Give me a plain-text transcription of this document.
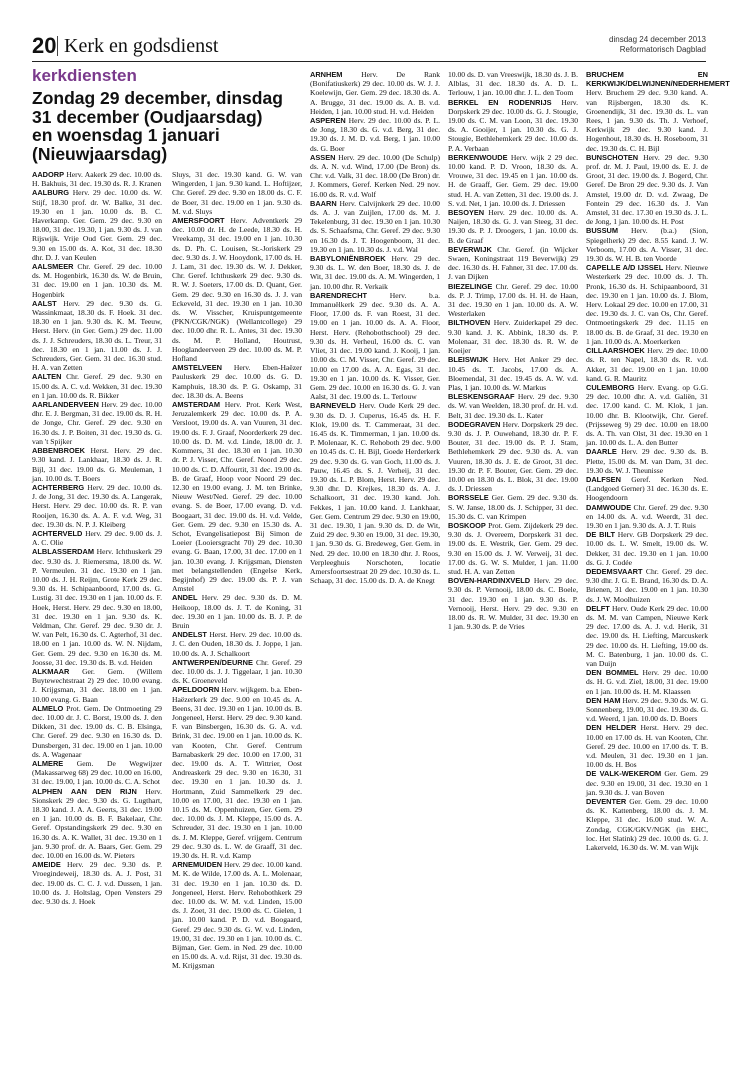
20 Kerk en godsdienst	dinsdag 24 december 2013
Reformatorisch Dagblad
kerkdiensten
Zondag 29 december, dinsdag 31 december (Oudjaarsdag) en woensdag 1 januari (Nieuwjaarsdag)

AADORP Herv. Aakerk 29 dec. 10.00 ds. H. Bakhuis, 31 dec. 19.30 ds. R. J. Kranen

AALBURG Herv. 29 dec. 10.00 ds. W. Stijf, 18.30 prof. dr. W. Balke, 31 dec. 19.30 en 1 jan. 10.00 ds. B. C. Haverkamp. Ger. Gem. 29 dec. 9.30 en 18.00, 31 dec. 19.30, 1 jan. 9.30 ds. J. van Rijswijk. Vrije Oud Ger. Gem. 29 dec. 9.30 en 15.00 ds. A. Kot, 31 dec. 18.30 dhr. D. J. van Keulen

AALSMEER Chr. Geref. 29 dec. 10.00 ds. M. Hogenbirk, 16.30 ds. W. de Bruin, 31 dec. 19.00 en 1 jan. 10.30 ds. M. Hogenbirk

AALST Herv. 29 dec. 9.30 ds. G. Wassinkmaat, 18.30 ds. F. Hoek. 31 dec. 18.30 en 1 jan. 9.30 ds. K. M. Teeuw, Herst. Herv. (in Ger. Gem.) 29 dec. 11.00 ds. J. J. Schreuders, 18.30 ds. L. Treur, 31 dec. 18.30 en 1 jan. 11.00 ds. J. J. Schreuders, Ger. Gem. 31 dec. 16.30 stud. H. A. van Zetten

AALTEN Chr. Geref. 29 dec. 9.30 en 15.00 ds. A. C. v.d. Wekken, 31 dec. 19.30 en 1 jan. 10.00 ds. R. Bikker

AARLANDERVEEN Herv. 29 dec. 10.00 dhr. E. J. Bergman, 31 dec. 19.00 ds. R. H. de Jonge, Chr. Geref. 29 dec. 9.30 en 16.30 ds. J. P. Boiten, 31 dec. 19.30 ds. G. van 't Spijker

ABBENBROEK Herst. Herv. 29 dec. 9.30 kand. J. Lankhaar, 18.30 ds. J. R. Bijl, 31 dec. 19.00 ds. G. Meuleman, 1 jan. 10.00 ds. T. Boers

ACHTERBERG Herv. 29 dec. 10.00 ds. J. de Jong, 31 dec. 19.30 ds. A. Langerak, Herst. Herv. 29 dec. 10.00 ds. R. P. van Rooijen, 16.30 ds. A. A. F. v.d. Weg, 31 dec. 19.30 ds. N. P. J. Kleiberg

ACHTERVELD Herv. 29 dec. 9.00 ds. J. A. C. Olie

ALBLASSERDAM Herv. Ichthuskerk 29 dec. 9.30 ds. J. Riemersma, 18.00 ds. W. P. Vermeulen. 31 dec. 19.30 en 1 jan. 10.00 ds. J. H. Reijm, Grote Kerk 29 dec. 9.30 ds. H. Schipaanboord, 17.00 ds. G. Lustig. 31 dec. 19.30 en 1 jan. 10.00 ds. F. Hoek, Herst. Herv. 29 dec. 9.30 en 18.00, 31 dec. 19.30 en 1 jan. 9.30 ds. K. Veldman, Chr. Geref. 29 dec. 9.30 dr. J. W. van Pelt, 16.30 ds. C. Agterhof, 31 dec. 18.00 en 1 jan. 10.00 ds. W. N. Nijdam, Ger. Gem. 29 dec. 9.30 en 16.30 ds. M. Joosse, 31 dec. 19.30 ds. B. v.d. Heiden

ALKMAAR Ger. Gem. (Willem Buytewechtstraat 2) 29 dec. 10.00 evang. J. Krijgsman, 31 dec. 18.00 en 1 jan. 10.00 evang. G. Baan

ALMELO Prot. Gem. De Ontmoeting 29 dec. 10.00 dr. J. C. Borst, 19.00 ds. J. den Dikken, 31 dec. 19.00 ds. C. B. Elsinga, Chr. Geref. 29 dec. 9.30 en 16.30 ds. D. Dunsbergen, 31 dec. 19.00 en 1 jan. 10.00 ds. A. Wagenaar

ALMERE Gem. De Wegwijzer (Makassarweg 68) 29 dec. 10.00 en 16.00, 31 dec. 19.00, 1 jan. 10.00 ds. C. A. Schot

ALPHEN AAN DEN RIJN Herv. Sionskerk 29 dec. 9.30 ds. G. Lugthart, 18.30 kand. J. A. A. Geerts, 31 dec. 19.00 en 1 jan. 10.00 ds. B. F. Bakelaar, Chr. Geref. Opstandingskerk 29 dec. 9.30 en 16.30 ds. A. K. Wallet, 31 dec. 19.30 en 1 jan. 9.30 prof. dr. A. Baars, Ger. Gem. 29 dec. 10.00 en 16.00 ds. W. Pieters

AMEIDE Herv. 29 dec. 9.30 ds. P. Vroegindeweij, 18.30 ds. A. J. Post, 31 dec. 19.00 ds. C. C. J. v.d. Dussen, 1 jan. 10.00 ds. J. Holtslag, Open Vensters 29 dec. 9.30 ds. J. Hoek

Sluys, 31 dec. 19.30 kand. G. W. van Wingerden, 1 jan. 9.30 kand. L. Hoftijzer, Chr. Geref. 29 dec. 9.30 en 18.00 ds. C. F. de Boer, 31 dec. 19.00 en 1 jan. 9.30 ds. M. v.d. Sluys

AMERSFOORT Herv. Adventkerk 29 dec. 10.00 dr. H. de Leede, 18.30 ds. H. Vreekamp, 31 dec. 19.00 en 1 jan. 10.30 ds. D. Ph. C. Louisen, St.-Joriskerk 29 dec. 9.30 ds. J. W. Hooydonk, 17.00 ds. H. J. Lam, 31 dec. 19.30 ds. W. J. Dekker, Chr. Geref. Ichthuskerk 29 dec. 9.30 ds. R. W. J. Soeters, 17.00 ds. D. Quant, Ger. Gem. 29 dec. 9.30 en 16.30 ds. J. J. van Eckeveld, 31 dec. 19.30 en 1 jan. 10.30 ds. W. Visscher, Kruispuntgemeente (PKN/CGK/NGK) (Wellantcollege) 29 dec. 10.00 dhr. R. L. Antes, 31 dec. 19.30 ds. M. P. Holland, Houtrust, Hooglandeerveen 29 dec. 10.00 ds. M. P. Hofland

AMSTELVEEN Herv. Eben-Haëzer Pauluskerk 29 dec. 10.00 ds. G. D. Kamphuis, 18.30 ds. P. G. Oskamp, 31 dec. 18.30 ds. A. Beens

AMSTERDAM Herv. Prot. Kerk West, Jeruzalemkerk 29 dec. 10.00 ds. P. A. Versloot, 19.00 ds. A. van Vuuren, 31 dec. 19.00 ds. F. J. Graaf, Noorderkerk 29 dec. 10.00 ds. D. M. v.d. Linde, 18.00 dr. J. Kommers, 31 dec. 18.30 en 1 jan. 10.30 dr. P. J. Visser, Chr. Geref. Noord 29 dec. 10.00 ds. C. D. Affourtit, 31 dec. 19.00 ds. B. de Graaf, Hoop voor Noord 29 dec. 12.30 en 19.00 evang. J. M. ten Brinke, Nieuw West/Ned. Geref. 29 dec. 10.00 evang. S. de Boer, 17.00 evang. D. v.d. Boogaart, 31 dec. 19.00 ds. H. v.d. Velde, Ger. Gem. 29 dec. 9.30 en 15.30 ds. A. Schot, Evangelisatiepost Bij Simon de Loeier (Looiersgracht 70) 29 dec. 10.30 evang. G. Baan, 17.00, 31 dec. 17.00 en 1 jan. 10.30 evang. J. Krijgsman, Diensten met belangstellenden (Engelse Kerk, Begijnhof) 29 dec. 19.00 ds. P. J. van Amstel

ANDEL Herv. 29 dec. 9.30 ds. D. M. Heikoop, 18.00 ds. J. T. de Koning, 31 dec. 19.30 en 1 jan. 10.00 ds. B. J. P. de Bruin

ANDELST Herst. Herv. 29 dec. 10.00 ds. J. C. den Ouden, 18.30 ds. J. Joppe, 1 jan. 10.00 ds. A. J. Schalkoort

ANTWERPEN/DEURNE Chr. Geref. 29 dec. 10.00 ds. J. J. Tiggelaar, 1 jan. 10.30 ds. K. Groeneveld

APELDOORN Herv. wijkgem. b.a. Eben-Haëzerkerk 29 dec. 9.00 en 10.45 ds. A. Beens, 31 dec. 19.30 en 1 jan. 10.00 ds. B. Jongeneel, Herst. Herv. 29 dec. 9.30 kand. F. van Binsbergen, 16.30 ds. G. A. v.d. Brink, 31 dec. 19.00 en 1 jan. 10.00 ds. K. van Kooten, Chr. Geref. Centrum Barnabaskerk 29 dec. 10.00 en 17.00, 31 dec. 19.00 ds. A. T. Wittrier, Oost Andreaskerk 29 dec. 9.30 en 16.30, 31 dec. 19.30 en 1 jan. 10.30 ds. J. Hortmann, Zuid Sammelkerk 29 dec. 10.00 en 17.00, 31 dec. 19.30 en 1 jan. 10.15 ds. M. Oppenhuizen, Ger. Gem. 29 dec. 10.00 ds. J. M. Kleppe, 15.00 ds. A. Schreuder, 31 dec. 19.30 en 1 jan. 10.00 ds. J. M. Kleppe, Geref. vrijgem. Centrum 29 dec. 9.30 ds. L. W. de Graaff, 31 dec. 19.30 ds. H. R. v.d. Kamp

ARNEMUIDEN Herv. 29 dec. 10.00 kand. M. K. de Wilde, 17.00 ds. A. L. Molenaar, 31 dec. 19.30 en 1 jan. 10.30 ds. D. Jongeneel, Herst. Herv. Rehobothkerk 29 dec. 10.00 ds. W. M. v.d. Linden, 15.00 ds. J. Zoet, 31 dec. 19.00 ds. C. Gielen, 1 jan. 10.00 kand. P. D. v.d. Boogaard, Geref. 29 dec. 9.30 ds. G. W. v.d. Linden, 19.00, 31 dec. 19.30 en 1 jan. 10.00 ds. C. Bijman, Ger. Gem. in Ned. 29 dec. 10.00 en 15.00 ds. A. v.d. Rijst, 31 dec. 19.30 ds. M. Krijgsman

ARNHEM Herv. De Rank (Bonifatiuskerk) 29 dec. 10.00 ds. W. J. J. Koelewijn, Ger. Gem. 29 dec. 18.30 ds. A. A. Brugge, 31 dec. 19.00 ds. A. B. v.d. Heiden, 1 jan. 10.00 stud. H. v.d. Heiden

ASPEREN Herv. 29 dec. 10.00 ds. P. L. de Jong, 18.30 ds. G. v.d. Berg, 31 dec. 19.30 ds. J. M. D. v.d. Berg, 1 jan. 10.00 ds. G. Boer

ASSEN Herv. 29 dec. 10.00 (De Schulp) ds. A. N. v.d. Wind, 17.00 (De Bron) ds. Chr. v.d. Valk, 31 dec. 18.00 (De Bron) dr. J. Kommers, Geref. Kerken Ned. 29 nov. 16.00 ds. R. v.d. Wolf

BAARN Herv. Calvijnkerk 29 dec. 10.00 ds. A. J. van Zuijlen, 17.00 ds. M. J. Tekelenburg, 31 dec. 19.30 en 1 jan. 10.30 ds. S. Schaafsma, Chr. Geref. 29 dec. 9.30 en 16.30 ds. J. T. Hoogenboom, 31 dec. 19.30 en 1 jan. 10.30 ds. J. v.d. Wal

BABYLONIËNBROEK Herv. 29 dec. 9.30 ds. L. W. den Boer, 18.30 ds. J. de Wit, 31 dec. 19.00 ds. A. M. Wingerden, 1 jan. 10.00 dhr. R. Verkaik

BARENDRECHT	Herv. b.a. Immanuëlkerk 29 dec. 9.30 ds. A. A. Floor, 17.00 ds. F. van Roest, 31 dec. 19.00 en 1 jan. 10.00 ds. A. A. Floor, Herst. Herv. (Rehobothschool) 29 dec. 9.30 ds. H. Verheul, 16.00 ds. C. van Vliet, 31 dec. 19.00 kand. J. Kooij, 1 jan. 10.00 ds. C. M. Visser, Chr. Geref. 29 dec. 10.00 en 17.00 ds. A. A. Egas, 31 dec. 19.30 en 1 jan. 10.00 ds. K. Visser, Ger. Gem. 29 dec. 10.00 en 16.30 ds. G. J. van Aalst, 31 dec. 19.00 ds. L. Terlouw

BARNEVELD Herv. Oude Kerk 29 dec. 9.30 ds. D. J. Cuperus, 16.45 ds. H. F. Klok, 19.00 ds. T. Cammeraat, 31 dec. 16.45 ds. K. Timmerman, 1 jan. 10.00 ds. P. Molenaar, K. C. Rehoboth 29 dec. 9.00 en 10.45 ds. C. H. Bijl, Goede Herderkerk 29 dec. 9.30 ds. G. van Goch, 11.00 ds. J. Pauw, 16.45 ds. S. J. Verheij, 31 dec. 19.30 ds. L. P. Blom, Herst. Herv. 29 dec. 9.30 dhr. D. Krejkes, 18.30 ds. A. J. Schalkoort, 31 dec. 19.30 kand. Joh. Fekkes, 1 jan. 10.00 kand. J. Lankhaar, Ger. Gem. Centrum 29 dec. 9.30 en 19.00, 31 dec. 19.30, 1 jan. 9.30 ds. D. de Wit, Zuid 29 dec. 9.30 en 19.00, 31 dec. 19.30, 1 jan. 9.30 ds. G. Bredeweg, Ger. Gem. in Ned. 29 dec. 10.00 en 18.30 dhr. J. Roos, Verpleeghuis Norschoten, locatie Amersfoortsestraat 20 29 dec. 10.30 ds. L. Schaap, 31 dec. 15.00 ds. D. A. de Knegt

10.00 ds. D. van Vreeswijk, 18.30 ds. J. B. Alblas, 31 dec. 18.30 ds. A. D. L. Terlouw, 1 jan. 10.00 dhr. J. L. den Toom

BERKEL EN RODENRIJS Herv. Dorpskerk 29 dec. 10.00 ds. G. J. Stougie, 19.00 ds. C. M. van Loon, 31 dec. 19.30 ds. A. Gooijer, 1 jan. 10.30 ds. G. J. Stougie, Bethlehemkerk 29 dec. 10.00 ds. P. A. Verbaan

BERKENWOUDE Herv. wijk 2 29 dec. 10.00 kand. P. D. Vroon, 18.30 ds. A. Vrouwe, 31 dec. 19.45 en 1 jan. 10.00 ds. H. de Graaff, Ger. Gem. 29 dec. 19.00 stud. H. A. van Zetten, 31 dec. 19.00 ds. J. S. v.d. Net, 1 jan. 10.00 ds. J. Driessen

BESOYEN Herv. 29 dec. 10.00 ds. A. Naijen, 18.30 ds. G. J. van Steeg, 31 dec. 19.30 ds. P. J. Droogers, 1 jan. 10.00 ds. B. de Graaf

BEVERWIJK Chr. Geref. (in Wijcker Swaen, Koningstraat 119 Beverwijk) 29 dec. 16.30 ds. H. Fahner, 31 dec. 17.00 ds. J. van Dijken

BIEZELINGE Chr. Geref. 29 dec. 10.00 ds. P. J. Trimp, 17.00 ds. H. H. de Haan, 31 dec. 19.30 en 1 jan. 10.00 ds. A. W. Westerlaken

BILTHOVEN Herv. Zuiderkapel 29 dec. 9.30 kand. J. K. Abbink, 18.30 ds. P. Molenaar, 31 dec. 18.30 ds. R. W. de Koeijer

BLEISWIJK Herv. Het Anker 29 dec. 10.45 ds. T. Jacobs, 17.00 ds. A. Bloemendal, 31 dec. 19.45 ds. A. W. v.d. Plas, 1 jan. 10.00 ds. W. Markus

BLESKENSGRAAF Herv. 29 dec. 9.30 ds. W. van Weelden, 18.30 prof. dr. H. v.d. Belt, 31 dec. 19.30 ds. L. Kater

BODEGRAVEN Herv. Dorpskerk 29 dec. 9.30 ds. J. P. Ouwehand, 18.30 dr. P. F. Bouter, 31 dec. 19.00 ds. P. J. Stam, Bethlehemkerk 29 dec. 9.30 ds. A. van Vuuren, 18.30 ds. J. E. de Groot, 31 dec. 19.30 dr. P. F. Bouter, Ger. Gem. 29 dec. 10.00 en 18.30 ds. L. Blok, 31 dec. 19.00 ds. J. Driessen

BORSSELE Ger. Gem. 29 dec. 9.30 ds. S. W. Janse, 18.00 ds. J. Schipper, 31 dec. 15.30 ds. C. van Krimpen

BOSKOOP Prot. Gem. Zijdekerk 29 dec. 9.30 ds. J. Overeem, Dorpskerk 31 dec. 19.00 ds. E. Westrik, Ger. Gem. 29 dec. 9.30 en 15.00 ds. J. W. Verweij, 31 dec. 17.00 ds. G. W. S. Mulder, 1 jan. 11.00 stud. H. A. van Zetten

BOVEN-HARDINXVELD Herv. 29 dec. 9.30 ds. P. Vernooij, 18.00 ds. C. Boele, 31 dec. 19.30 en 1 jan. 9.30 ds. P. Vernooij, Herst. Herv. 29 dec. 9.30 en 18.00 ds. R. W. Mulder, 31 dec. 19.30 en 1 jan. 9.30 ds. P. de Vries

BRUCHEM EN KERKWIJK/DELWIJNEN/NEDERHEMERT Herv. Bruchem 29 dec. 9.30 kand. A. van Rijsbergen, 18.30 ds. K. Groenendijk, 31 dec. 19.30 ds. L. van Rees, 1 jan. 9.30 ds. Th. J. Verhoef, Kerkwijk 29 dec. 9.30 kand. J. Hogenhout, 18.30 ds. H. Roseboom, 31 dec. 19.30 ds. C. H. Bijl

BUNSCHOTEN Herv. 29 dec. 9.30 prof. dr. M. J. Paul, 19.00 ds. E. J. de Groot, 31 dec. 19.00 ds. J. Bogerd, Chr. Geref. De Bron 29 dec. 9.30 ds. J. Van Amstel, 19.00 dr. D. v.d. Zwaag, De Fontein 29 dec. 16.30 ds. J. Van Amstel, 31 dec. 17.30 en 19.30 ds. J. L. de Jong, 1 jan. 10.00 ds. H. Post

BUSSUM Herv. (b.a.) (Sion, Spiegelherk) 29 dec. 8.55 kand. J. W. Verboom, 17.00 ds. A. Visser, 31 dec. 19.30 ds. W. H. B. ten Voorde

CAPELLE A/D IJSSEL Herv. Nieuwe Westerkerk 29 dec. 10.00 ds. J. Th. Pronk, 16.30 ds. H. Schipaanboord, 31 dec. 19.30 en 1 jan. 10.00 ds. J. Blom, Herv. Lokaal 29 dec. 10.00 en 17.00, 31 dec. 19.30 ds. J. C. van Os, Chr. Geref. Ontmoetingskerk 29 dec. 11.15 en 18.00 ds. B. de Graaf, 31 dec. 19.30 en 1 jan. 10.00 ds. A. Moerkerken

CILLAARSHOEK Herv. 29 dec. 10.00 ds. R. ten Napel, 18.30 ds. R. v.d. Akker, 31 dec. 19.00 en 1 jan. 10.00 kand. G. R. Mauritz

CULEMBORG Herv. Evang. op G.G. 29 dec. 10.00 dhr. A. v.d. Galiën, 31 dec. 17.00 kand. C. M. Klok, 1 jan. 10.00 dhr. B. Klootwijk, Chr. Geref. (Prijsseweg 9) 29 dec. 10.00 en 18.00 ds. A. Th. van Olst, 31 dec. 19.30 en 1 jan. 10.00 ds. L. A. den Butter

DAARLE Herv. 29 dec. 9.30 ds. B. Plette, 15.00 ds. M. van Dam, 31 dec. 19.30 ds. W. J. Theunisse

DALFSEN Geref. Kerken Ned. (Landgoed Gerner) 31 dec. 16.30 ds. E. Hoogendoorn

DAMWOUDE Chr. Geref. 29 dec. 9.30 en 14.00 ds. A. v.d. Weerdt, 31 dec. 19.30 en 1 jan. 9.30 ds. A. J. T. Ruis

DE BILT Herv. GB Dorpskerk 29 dec. 10.00 ds. L. W. Smelt, 19.00 ds. W. Dekker, 31 dec. 19.30 en 1 jan. 10.00 ds. G. J. Codée

DEDEMSVAART Chr. Geref. 29 dec. 9.30 dhr. J. G. E. Brand, 16.30 ds. D. A. Brienen, 31 dec. 19.00 en 1 jan. 10.30 ds. J. W. Moolhuizen

DELFT Herv. Oude Kerk 29 dec. 10.00 ds. M. M. van Campen, Nieuwe Kerk 29 dec. 17.00 ds. A. J. v.d. Herik, 31 dec. 19.00 ds. H. Liefting, Marcuskerk 29 dec. 10.00 ds. H. Liefting, 19.00 ds. M. C. Batenburg, 1 jan. 10.00 ds. C. van Duijn

DEN BOMMEL Herv. 29 dec. 10.00 ds. H. G. v.d. Ziel, 18.00, 31 dec. 19.00 en 1 jan. 10.00 ds. H. M. Klaassen

DEN HAM Herv. 29 dec. 9.30 ds. W. G. Sonnenberg, 19.00, 31 dec. 19.30 ds. G. v.d. Weerd, 1 jan. 10.00 ds. D. Boers

DEN HELDER Herst. Herv. 29 dec. 10.00 en 17.00 ds. H. van Kooten, Chr. Geref. 29 dec. 10.00 en 17.00 ds. T. B. v.d. Meulen, 31 dec. 19.30 en 1 jan. 10.00 ds. H. Bos

DE VALK-WEKEROM Ger. Gem. 29 dec. 9.30 en 19.00, 31 dec. 19.30 en 1 jan. 9.30 ds. J. van Boven

DEVENTER Ger. Gem. 29 dec. 10.00 ds. K. Kattenberg, 18.00 ds. J. M. Kleppe, 31 dec. 16.00 stud. W. A. Zondag, CGK/GKV/NGK (in EHC, loc. Het Slatink) 29 dec. 10.00 ds. G. J. Lakerveld, 16.30 ds. W. M. van Wijk
